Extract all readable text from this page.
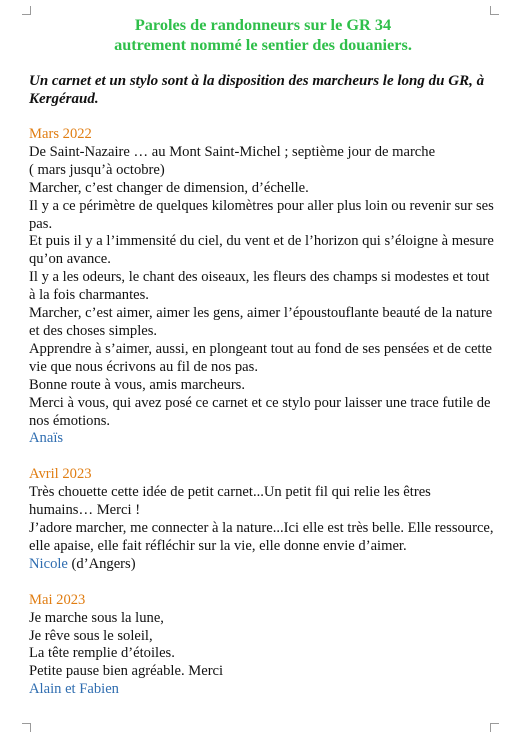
Paroles de randonneurs sur le GR 34
autrement nommé le sentier des douaniers.
Un carnet et un stylo sont à la disposition des marcheurs le long du GR, à Kergéraud.
Mars 2022
De Saint-Nazaire … au Mont Saint-Michel ; septième jour de marche
( mars jusqu’à octobre)
Marcher, c’est changer de dimension, d’échelle.
Il y a ce périmètre de quelques kilomètres pour aller plus loin ou revenir sur ses pas.
Et puis il y a l’immensité du ciel, du vent et de l’horizon qui s’éloigne à mesure qu’on avance.
Il y a les odeurs, le chant des oiseaux, les fleurs des champs si modestes et tout à la fois charmantes.
Marcher, c’est aimer, aimer les gens, aimer l’époustouflante beauté de la nature et des choses simples.
Apprendre à s’aimer, aussi, en plongeant tout au fond de ses pensées et de cette vie que nous écrivons au fil de nos pas.
Bonne route à vous, amis marcheurs.
Merci à vous, qui avez posé ce carnet et ce stylo pour laisser une trace futile de nos émotions.
Anaïs
Avril 2023
Très chouette cette idée de petit carnet...Un petit fil qui relie les êtres humains… Merci !
J’adore marcher, me connecter à la nature...Ici elle est très belle. Elle ressource, elle apaise, elle fait réfléchir sur la vie, elle donne envie d’aimer.
Nicole (d’Angers)
Mai 2023
Je marche sous la lune,
Je rêve sous le soleil,
La tête remplie d’étoiles.
Petite pause bien agréable. Merci
Alain et Fabien
